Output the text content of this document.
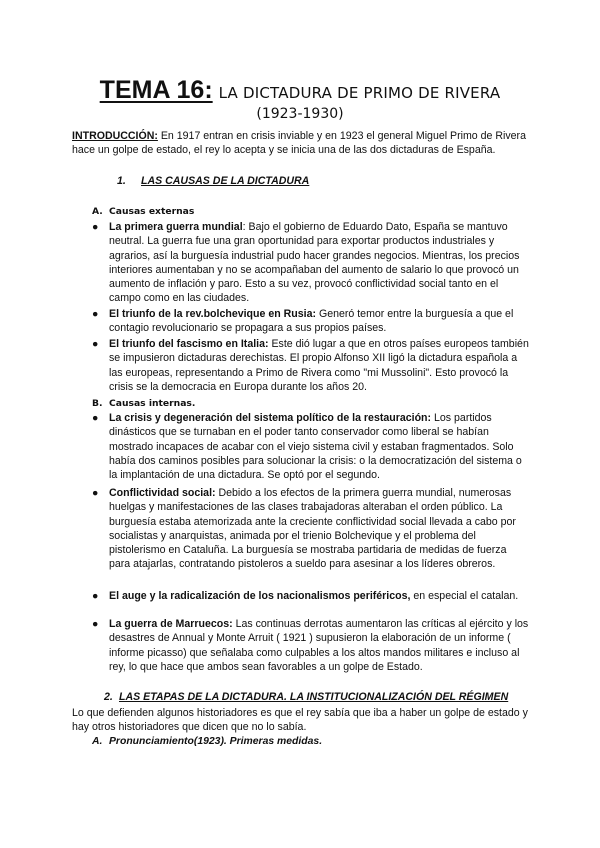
TEMA 16: LA DICTADURA DE PRIMO DE RIVERA
(1923-1930)
INTRODUCCIÓN: En 1917 entran en crisis inviable y en 1923 el general Miguel Primo de Rivera hace un golpe de estado, el rey lo acepta y se inicia una de las dos dictaduras de España.
1. LAS CAUSAS DE LA DICTADURA
A. Causas externas
● La primera guerra mundial: Bajo el gobierno de Eduardo Dato, España se mantuvo neutral. La guerra fue una gran oportunidad para exportar productos industriales y agrarios, así la burguesía industrial pudo hacer grandes negocios. Mientras, los precios interiores aumentaban y no se acompañaban del aumento de salario lo que provocó un aumento de inflación y paro. Esto a su vez, provocó conflictividad social tanto en el campo como en las ciudades.
● El triunfo de la rev.bolchevique en Rusia: Generó temor entre la burguesía a que el contagio revolucionario se propagara a sus propios países.
● El triunfo del fascismo en Italia: Este dió lugar a que en otros países europeos también se impusieron dictaduras derechistas. El propio Alfonso XII ligó la dictadura española a las europeas, representando a Primo de Rivera como "mi Mussolini". Esto provocó la crisis se la democracia en Europa durante los años 20.
B. Causas internas.
● La crisis y degeneración del sistema político de la restauración: Los partidos dinásticos que se turnaban en el poder tanto conservador como liberal se habían mostrado incapaces de acabar con el viejo sistema civil y estaban fragmentados. Solo había dos caminos posibles para solucionar la crisis: o la democratización del sistema o la implantación de una dictadura. Se optó por el segundo.
● Conflictividad social: Debido a los efectos de la primera guerra mundial, numerosas huelgas y manifestaciones de las clases trabajadoras alteraban el orden público. La burguesía estaba atemorizada ante la creciente conflictividad social llevada a cabo por socialistas y anarquistas, animada por el trienio Bolchevique y el problema del pistolerismo en Cataluña. La burguesía se mostraba partidaria de medidas de fuerza para atajarlas, contratando pistoleros a sueldo para asesinar a los líderes obreros.
● El auge y la radicalización de los nacionalismos periféricos, en especial el catalan.
● La guerra de Marruecos: Las continuas derrotas aumentaron las críticas al ejército y los desastres de Annual y Monte Arruit ( 1921 ) supusieron la elaboración de un informe ( informe picasso) que señalaba como culpables a los altos mandos militares e incluso al rey, lo que hace que ambos sean favorables a un golpe de Estado.
2. LAS ETAPAS DE LA DICTADURA. LA INSTITUCIONALIZACIÓN DEL RÉGIMEN
Lo que defienden algunos historiadores es que el rey sabía que iba a haber un golpe de estado y hay otros historiadores que dicen que no lo sabía.
A. Pronunciamiento(1923). Primeras medidas.
